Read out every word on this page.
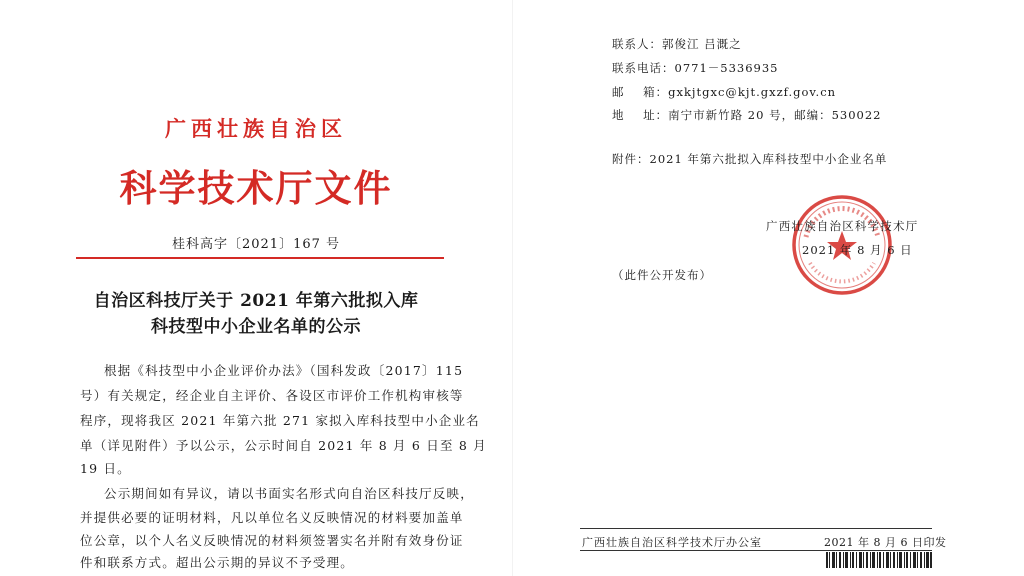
广西壮族自治区
科学技术厅文件
桂科高字〔2021〕167 号
自治区科技厅关于 2021 年第六批拟入库
科技型中小企业名单的公示
根据《科技型中小企业评价办法》（国科发政〔2017〕115
号）有关规定，经企业自主评价、各设区市评价工作机构审核等
程序，现将我区 2021 年第六批 271 家拟入库科技型中小企业名
单（详见附件）予以公示，公示时间自 2021 年 8 月 6 日至 8 月
19 日。
公示期间如有异议，请以书面实名形式向自治区科技厅反映，
并提供必要的证明材料，凡以单位名义反映情况的材料要加盖单
位公章，以个人名义反映情况的材料须签署实名并附有效身份证
件和联系方式。超出公示期的异议不予受理。
联系人：郭俊江 吕溉之
联系电话：0771－5336935
邮    箱：gxkjtgxc@kjt.gxzf.gov.cn
地    址：南宁市新竹路 20 号，邮编：530022
附件：2021 年第六批拟入库科技型中小企业名单
广西壮族自治区科学技术厅
2021 年 8 月 6 日
（此件公开发布）
广西壮族自治区科学技术厅办公室	2021 年 8 月 6 日印发
